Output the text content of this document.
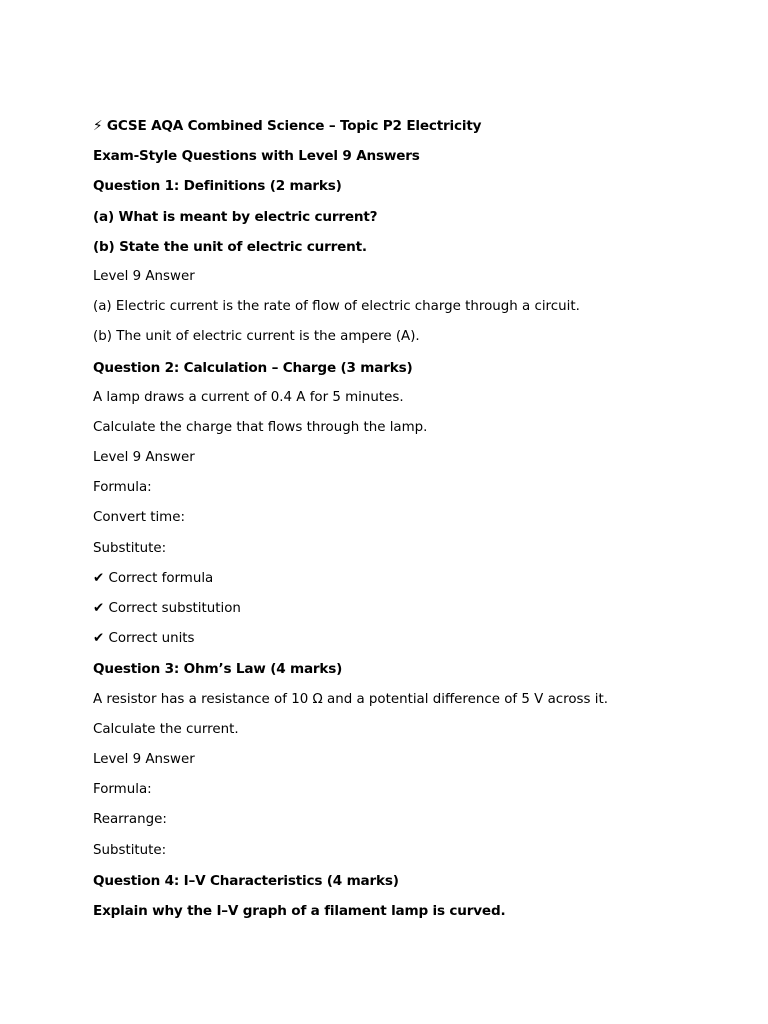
⚡ GCSE AQA Combined Science – Topic P2 Electricity
Exam-Style Questions with Level 9 Answers
Question 1: Definitions (2 marks)
(a) What is meant by electric current?
(b) State the unit of electric current.
Level 9 Answer
(a) Electric current is the rate of flow of electric charge through a circuit.
(b) The unit of electric current is the ampere (A).
Question 2: Calculation – Charge (3 marks)
A lamp draws a current of 0.4 A for 5 minutes.
Calculate the charge that flows through the lamp.
Level 9 Answer
Formula:
Convert time:
Substitute:
✔ Correct formula
✔ Correct substitution
✔ Correct units
Question 3: Ohm’s Law (4 marks)
A resistor has a resistance of 10 Ω and a potential difference of 5 V across it.
Calculate the current.
Level 9 Answer
Formula:
Rearrange:
Substitute:
Question 4: I–V Characteristics (4 marks)
Explain why the I–V graph of a filament lamp is curved.
